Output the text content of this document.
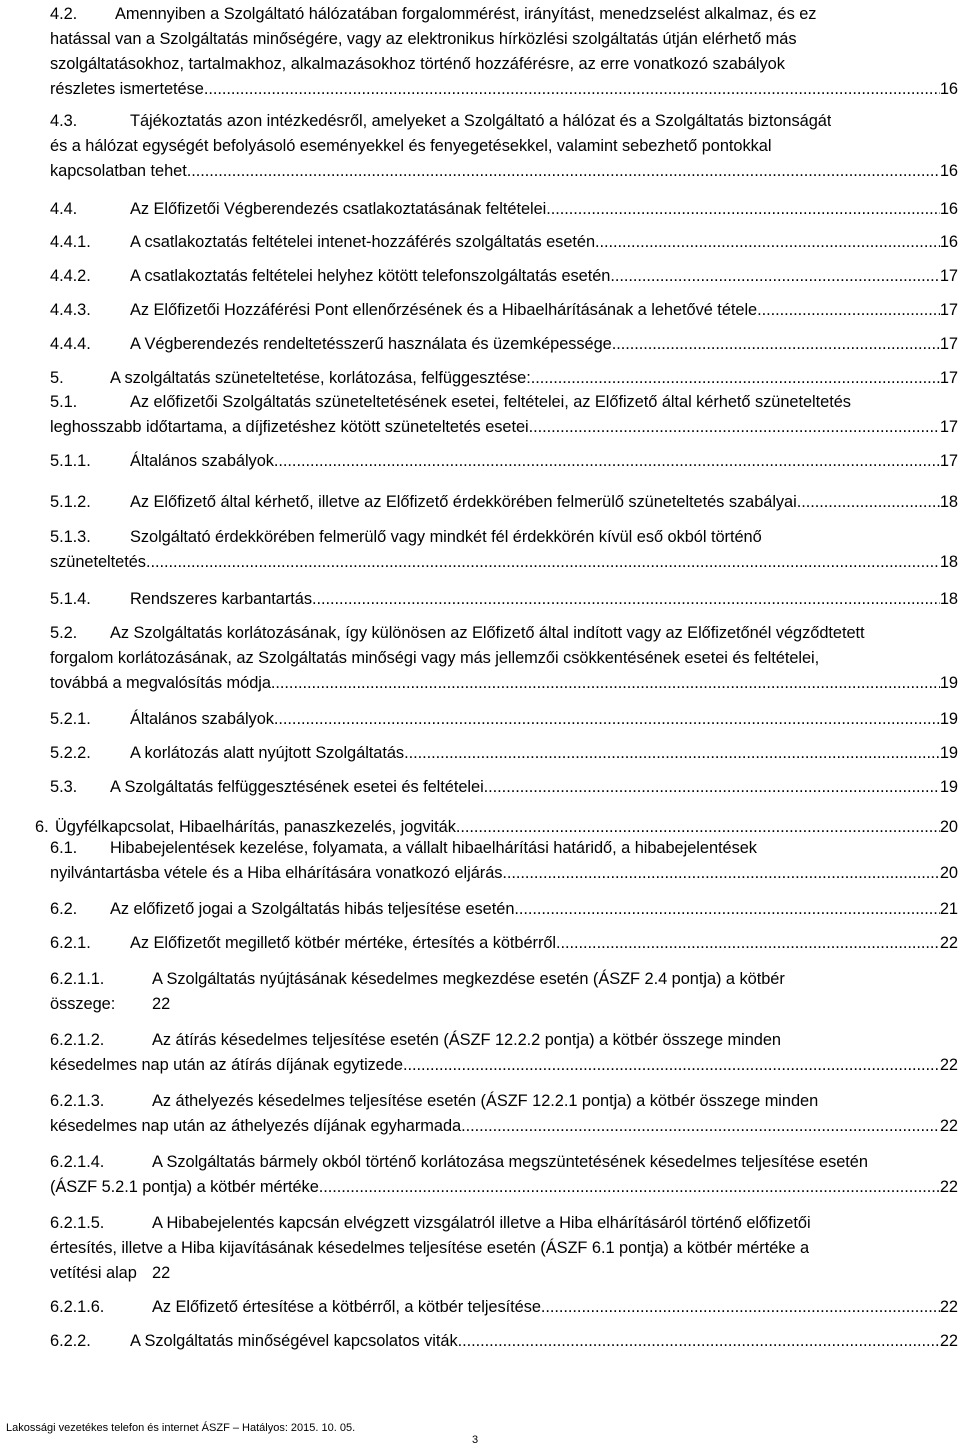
4.2.	Amennyiben a Szolgáltató hálózatában forgalommérést, irányítást, menedzselést alkalmaz, és ez
hatással van a Szolgáltatás minőségére, vagy az elektronikus hírközlési szolgáltatás útján elérhető más
szolgáltatásokhoz, tartalmakhoz, alkalmazásokhoz történő hozzáférésre, az erre vonatkozó szabályok
részletes ismertetése .....	16
4.3.	Tájékoztatás azon intézkedésről, amelyeket a Szolgáltató a hálózat és a Szolgáltatás biztonságát
és a hálózat egységét befolyásoló eseményekkel és fenyegetésekkel, valamint sebezhető pontokkal
kapcsolatban tehet .....	16
4.4.	Az Előfizetői Végberendezés csatlakoztatásának feltételei .....	16
4.4.1.	A csatlakoztatás feltételei intenet-hozzáférés szolgáltatás esetén .....	16
4.4.2.	A csatlakoztatás feltételei helyhez kötött telefonszolgáltatás esetén .....	17
4.4.3.	Az Előfizetői Hozzáférési Pont ellenőrzésének és a Hibaelhárításának a lehetővé tétele .....	17
4.4.4.	A Végberendezés rendeltetésszerű használata és üzemképessége .....	17
5.	A szolgáltatás szüneteltetése, korlátozása, felfüggesztése: .....	17
5.1.	Az előfizetői Szolgáltatás szüneteltetésének esetei, feltételei, az Előfizető által kérhető szüneteltetés
leghosszabb időtartama, a díjfizetéshez kötött szüneteltetés esetei .....	17
5.1.1.	Általános szabályok .....	17
5.1.2.	Az Előfizető által kérhető, illetve az Előfizető érdekkörében felmerülő szüneteltetés szabályai .....	18
5.1.3.	Szolgáltató érdekkörében felmerülő vagy mindkét fél érdekkörén kívül eső okból történő
szüneteltetés .....	18
5.1.4.	Rendszeres karbantartás .....	18
5.2.	Az Szolgáltatás korlátozásának, így különösen az Előfizető által indított vagy az Előfizetőnél végződtetett
forgalom korlátozásának, az Szolgáltatás minőségi vagy más jellemzői csökkentésének esetei és feltételei,
továbbá a megvalósítás módja .....	19
5.2.1.	Általános szabályok .....	19
5.2.2.	A korlátozás alatt nyújtott Szolgáltatás .....	19
5.3.	A Szolgáltatás felfüggesztésének esetei és feltételei .....	19
6. Ügyfélkapcsolat, Hibaelhárítás, panaszkezelés, jogviták .....	20
6.1.	Hibabejelentések kezelése, folyamata, a vállalt hibaelhárítási határidő, a hibabejelentések
nyilvántartásba vétele és a Hiba elhárítására vonatkozó eljárás .....	20
6.2.	Az előfizető jogai a Szolgáltatás hibás teljesítése esetén .....	21
6.2.1.	Az Előfizetőt megillető kötbér mértéke, értesítés a kötbérről .....	22
6.2.1.1.	A Szolgáltatás nyújtásának késedelmes megkezdése esetén (ÁSZF 2.4 pontja) a kötbér
összege:	22
6.2.1.2.	Az átírás késedelmes teljesítése esetén (ÁSZF 12.2.2 pontja) a kötbér összege minden
késedelmes nap után az átírás díjának egytizede. .....	22
6.2.1.3.	Az áthelyezés késedelmes teljesítése esetén (ÁSZF 12.2.1 pontja) a kötbér összege minden
késedelmes nap után az áthelyezés díjának egyharmada. .....	22
6.2.1.4.	A Szolgáltatás bármely okból történő korlátozása megszüntetésének késedelmes teljesítése esetén
(ÁSZF 5.2.1 pontja) a kötbér mértéke .....	22
6.2.1.5.	A Hibabejelentés kapcsán elvégzett vizsgálatról illetve a Hiba elhárításáról történő előfizetői
értesítés, illetve a Hiba kijavításának késedelmes teljesítése esetén (ÁSZF 6.1 pontja) a kötbér mértéke a
vetítési alap 22
6.2.1.6.	Az Előfizető értesítése a kötbérről, a kötbér teljesítése .....	22
6.2.2.	A Szolgáltatás minőségével kapcsolatos viták .....	22
Lakossági vezetékes telefon és internet ÁSZF – Hatályos: 2015. 10. 05.
3
